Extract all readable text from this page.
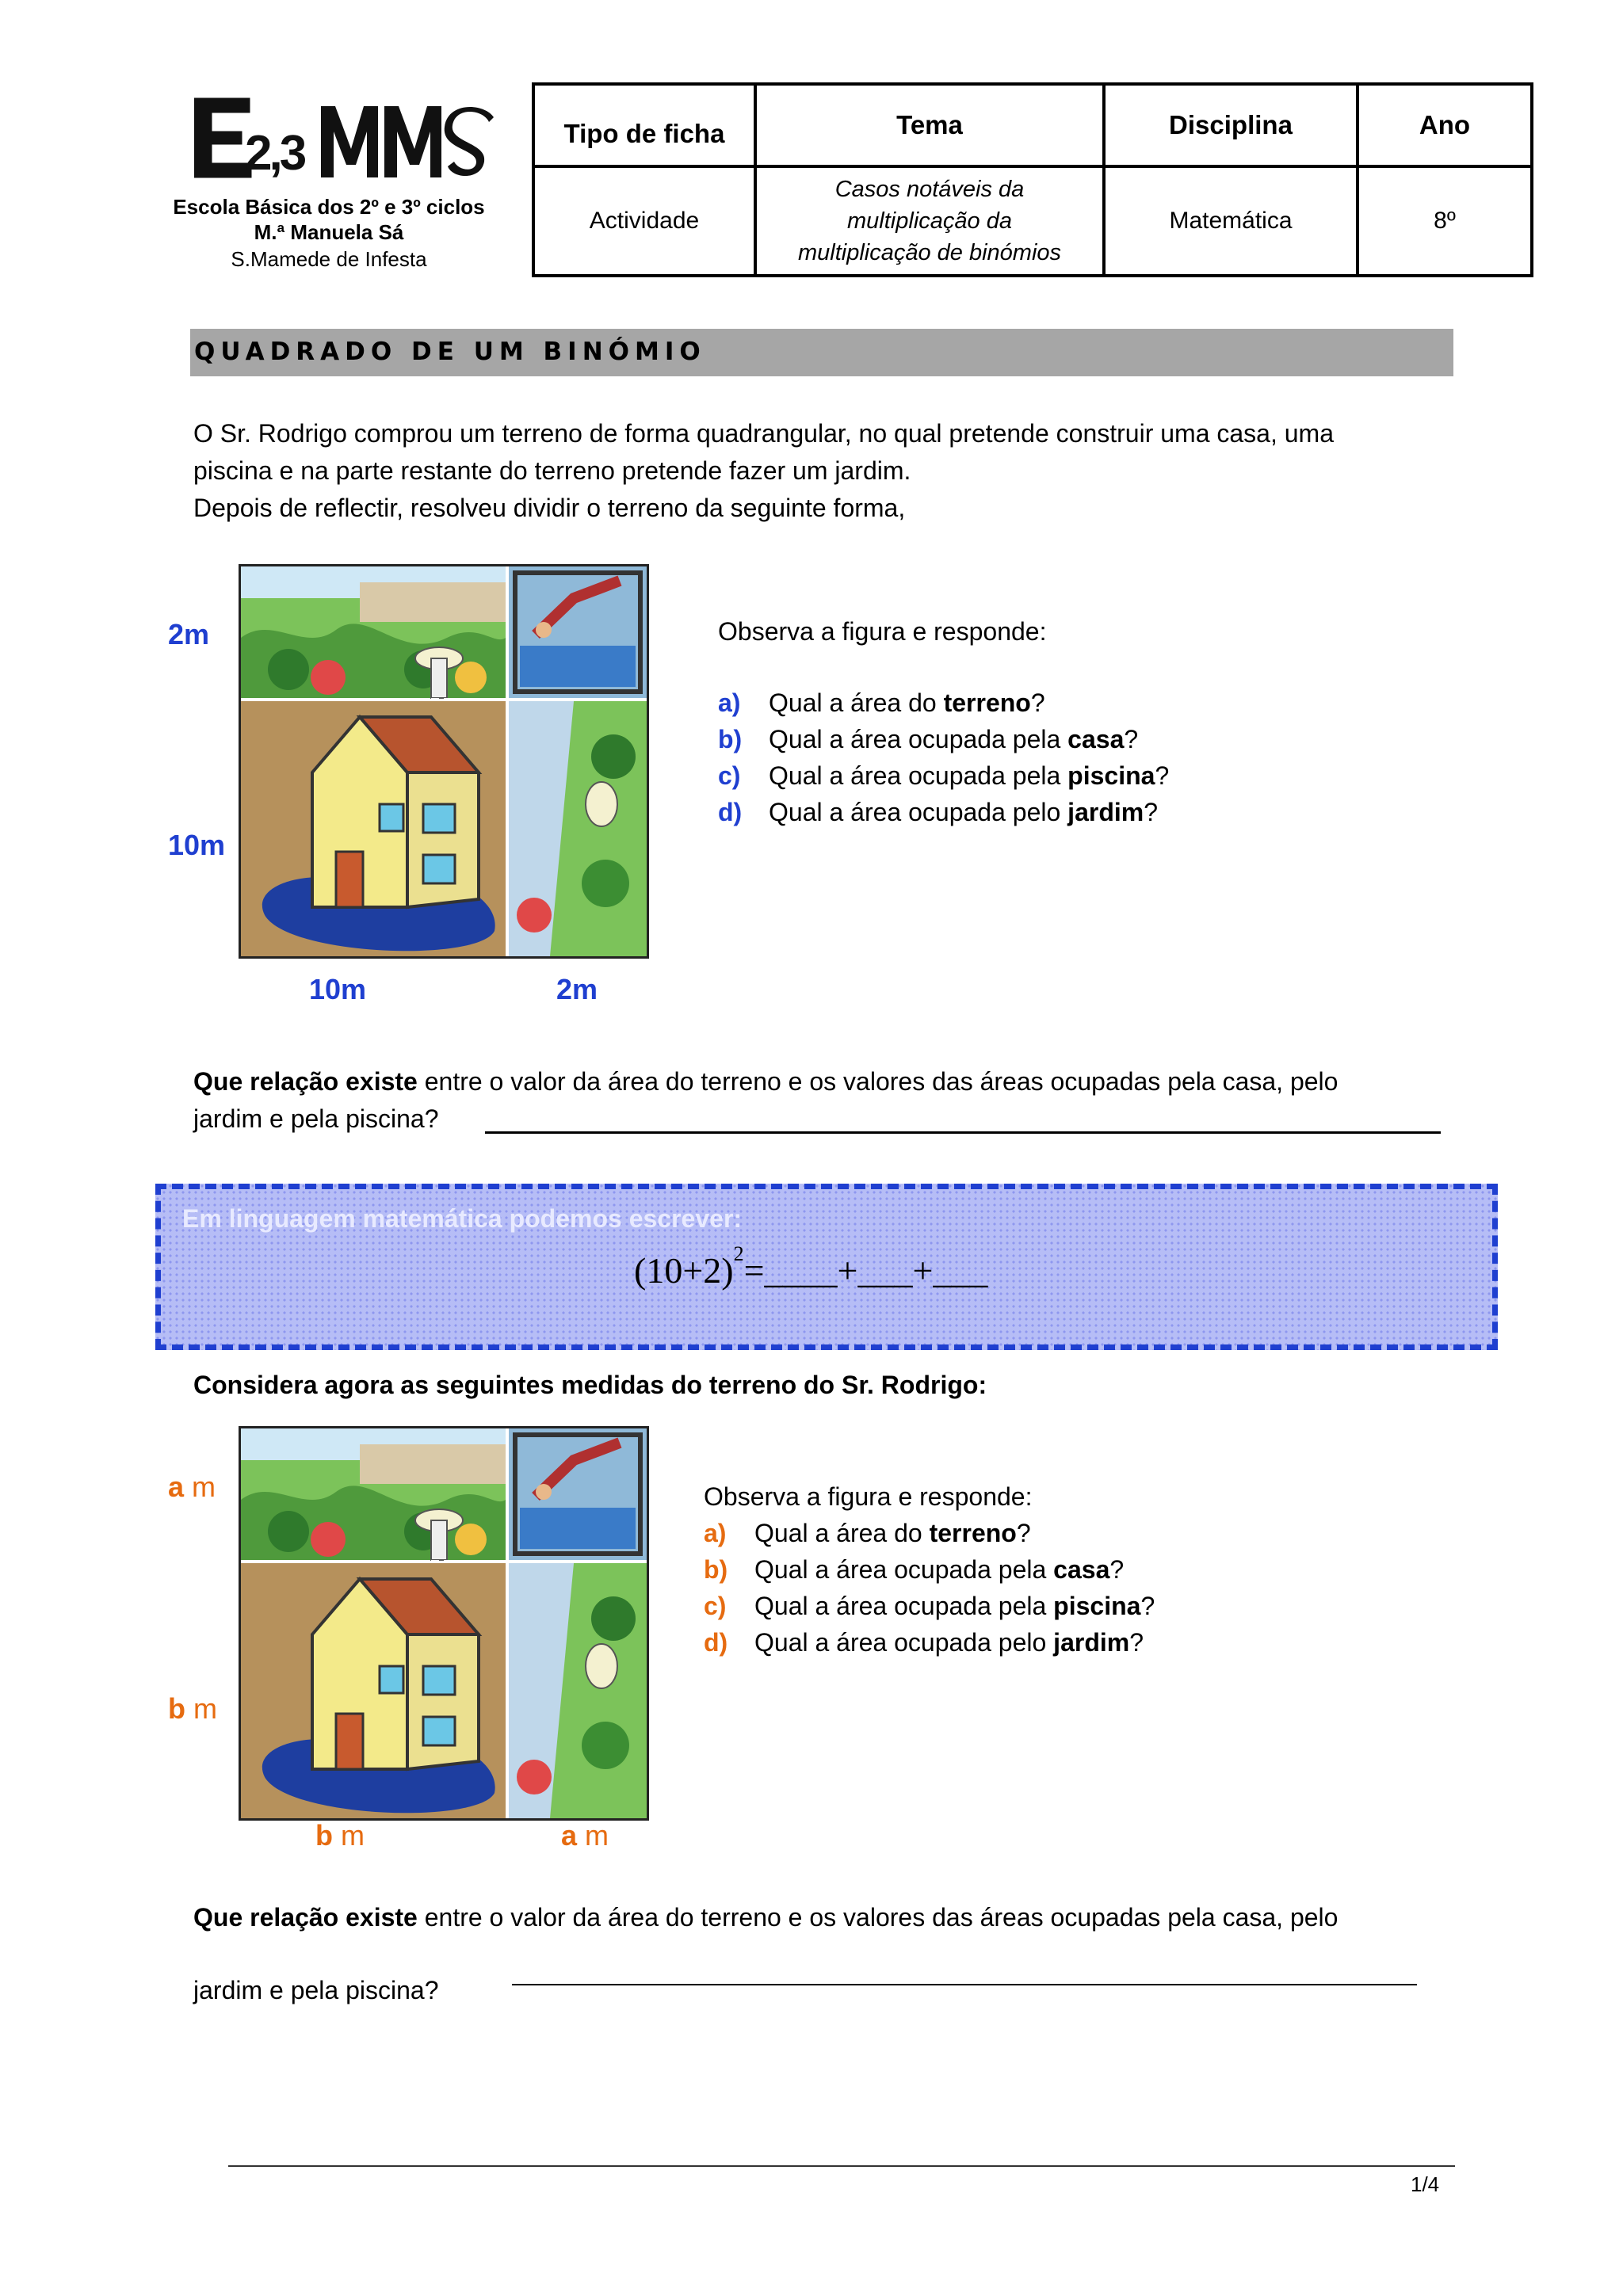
2,3
Escola Básica dos 2º e 3º ciclos
M.ª Manuela Sá
S.Mamede de Infesta
Tipo de ficha	Tema	Disciplina	Ano
Actividade	Casos notáveis da
multiplicação da
multiplicação de binómios	Matemática	8º
QUADRADO DE UM BINÓMIO
O Sr. Rodrigo comprou um terreno de forma quadrangular, no qual pretende construir uma casa, uma
piscina e na parte restante do terreno pretende fazer um jardim.
Depois de reflectir, resolveu dividir o terreno da seguinte forma,
2m
10m
10m	2m
Observa a figura e responde:
a) Qual a área do terreno?
b) Qual a área ocupada pela casa?
c) Qual a área ocupada pela piscina?
d) Qual a área ocupada pelo jardim?
Que relação existe entre o valor da área do terreno e os valores das áreas ocupadas pela casa, pelo
jardim e pela piscina?
Em linguagem matemática podemos escrever:
$(10+2)^2=\_\_\_\_+\_\_\_+\_\_\_$
Considera agora as seguintes medidas do terreno do Sr. Rodrigo:
a m
b m
b m	a m
Observa a figura e responde:
a) Qual a área do terreno?
b) Qual a área ocupada pela casa?
c) Qual a área ocupada pela piscina?
d) Qual a área ocupada pelo jardim?
Que relação existe entre o valor da área do terreno e os valores das áreas ocupadas pela casa, pelo
jardim e pela piscina?
1/4
